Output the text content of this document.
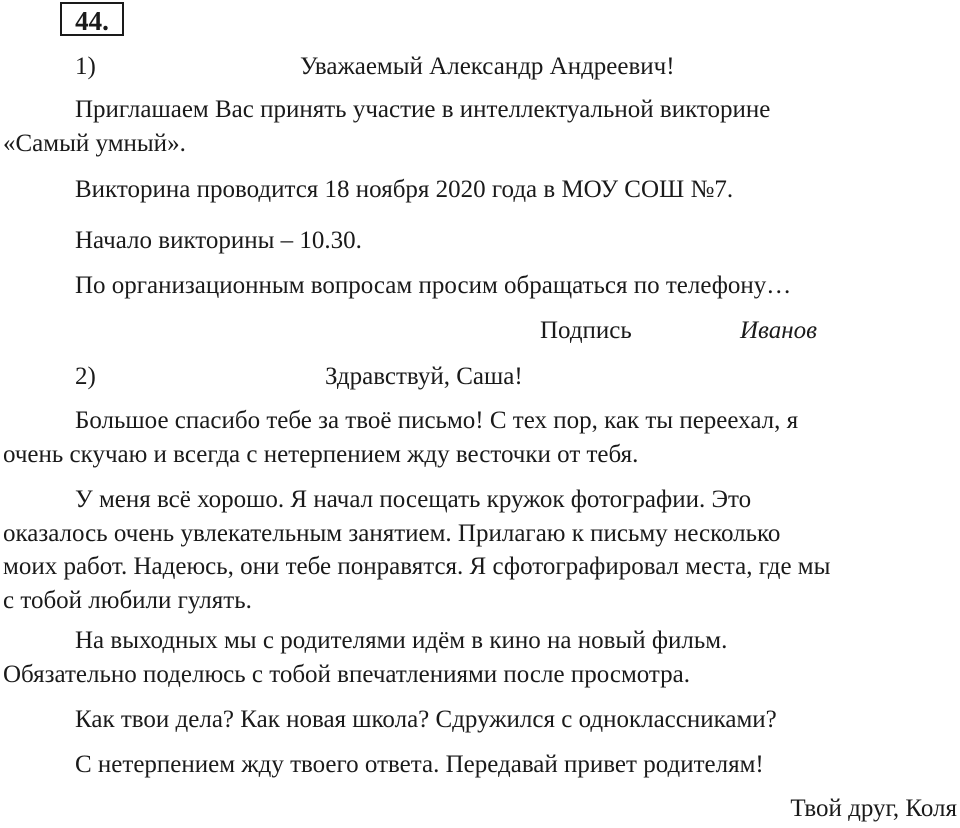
44.
1)	Уважаемый Александр Андреевич!
Приглашаем Вас принять участие в интеллектуальной викторине
«Самый умный».
Викторина проводится 18 ноября 2020 года в МОУ СОШ №7.
Начало викторины – 10.30.
По организационным вопросам просим обращаться по телефону…
Подпись	Иванов
2)	Здравствуй, Саша!
Большое спасибо тебе за твоё письмо! С тех пор, как ты переехал, я
очень скучаю и всегда с нетерпением жду весточки от тебя.
У меня всё хорошо. Я начал посещать кружок фотографии. Это
оказалось очень увлекательным занятием. Прилагаю к письму несколько
моих работ. Надеюсь, они тебе понравятся. Я сфотографировал места, где мы
с тобой любили гулять.
На выходных мы с родителями идём в кино на новый фильм.
Обязательно поделюсь с тобой впечатлениями после просмотра.
Как твои дела? Как новая школа? Сдружился с одноклассниками?
С нетерпением жду твоего ответа. Передавай привет родителям!
Твой друг, Коля
